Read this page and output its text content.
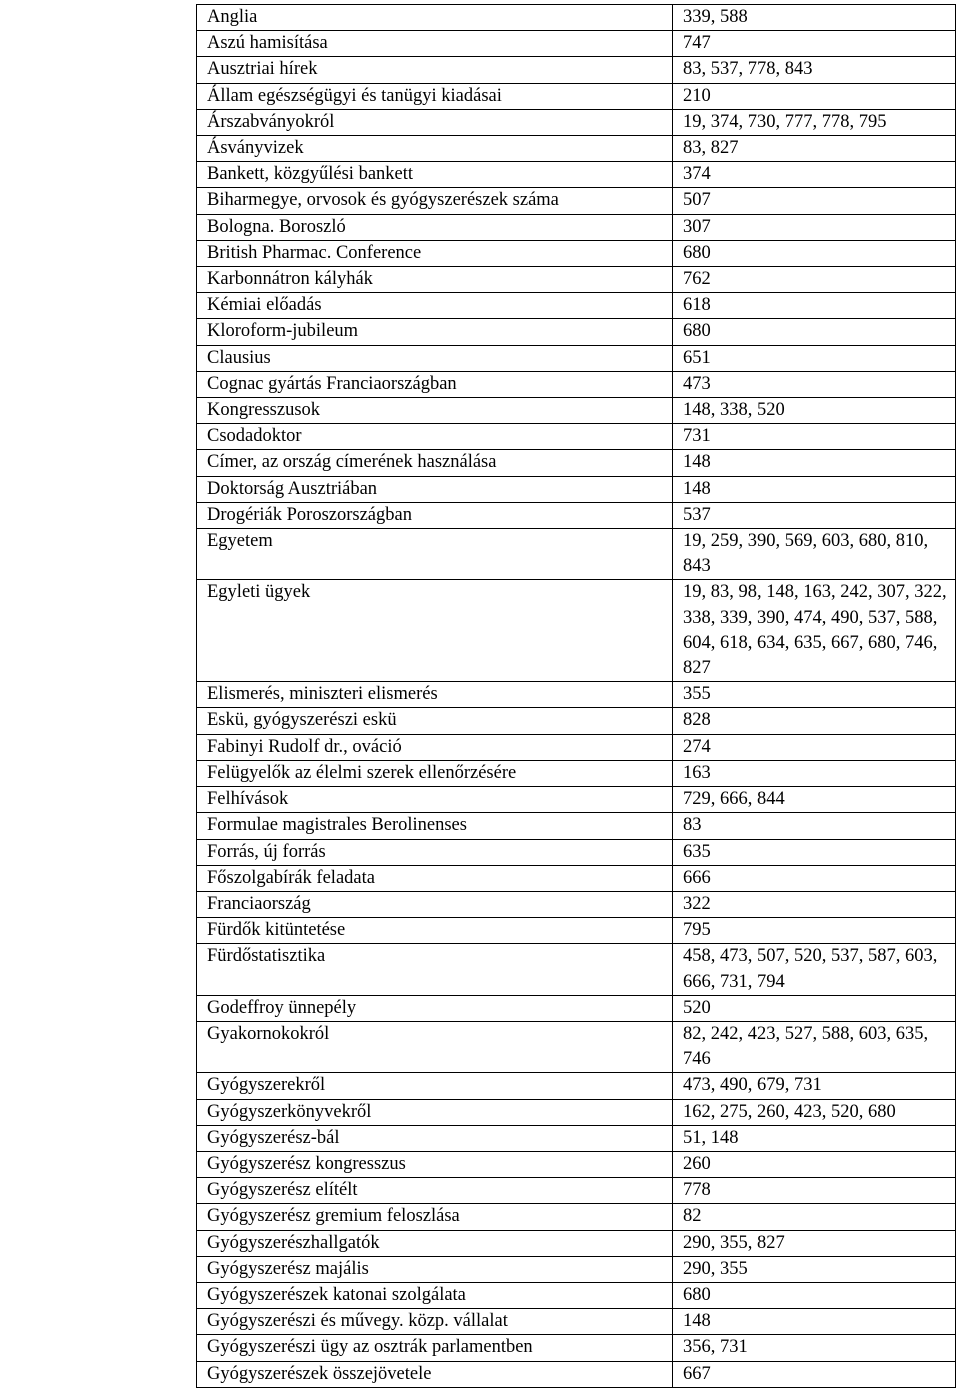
Anglia	339, 588
Aszú hamisítása	747
Ausztriai hírek	83, 537, 778, 843
Állam egészségügyi és tanügyi kiadásai	210
Árszabványokról	19, 374, 730, 777, 778, 795
Ásványvizek	83, 827
Bankett, közgyűlési bankett	374
Biharmegye, orvosok és gyógyszerészek száma	507
Bologna. Boroszló	307
British Pharmac. Conference	680
Karbonnátron kályhák	762
Kémiai előadás	618
Kloroform-jubileum	680
Clausius	651
Cognac gyártás Franciaországban	473
Kongresszusok	148, 338, 520
Csodadoktor	731
Címer, az ország címerének használása	148
Doktorság Ausztriában	148
Drogériák Poroszországban	537
Egyetem	19, 259, 390, 569, 603, 680, 810, 843
Egyleti ügyek	19, 83, 98, 148, 163, 242, 307, 322, 338, 339, 390, 474, 490, 537, 588, 604, 618, 634, 635, 667, 680, 746, 827
Elismerés, miniszteri elismerés	355
Eskü, gyógyszerészi eskü	828
Fabinyi Rudolf dr., ováció	274
Felügyelők az élelmi szerek ellenőrzésére	163
Felhívások	729, 666, 844
Formulae magistrales Berolinenses	83
Forrás, új forrás	635
Főszolgabírák feladata	666
Franciaország	322
Fürdők kitüntetése	795
Fürdőstatisztika	458, 473, 507, 520, 537, 587, 603, 666, 731, 794
Godeffroy ünnepély	520
Gyakornokokról	82, 242, 423, 527, 588, 603, 635, 746
Gyógyszerekről	473, 490, 679, 731
Gyógyszerkönyvekről	162, 275, 260, 423, 520, 680
Gyógyszerész-bál	51, 148
Gyógyszerész kongresszus	260
Gyógyszerész elítélt	778
Gyógyszerész gremium feloszlása	82
Gyógyszerészhallgatók	290, 355, 827
Gyógyszerész majális	290, 355
Gyógyszerészek katonai szolgálata	680
Gyógyszerészi és művegy. közp. vállalat	148
Gyógyszerészi ügy az osztrák parlamentben	356, 731
Gyógyszerészek összejövetele	667
